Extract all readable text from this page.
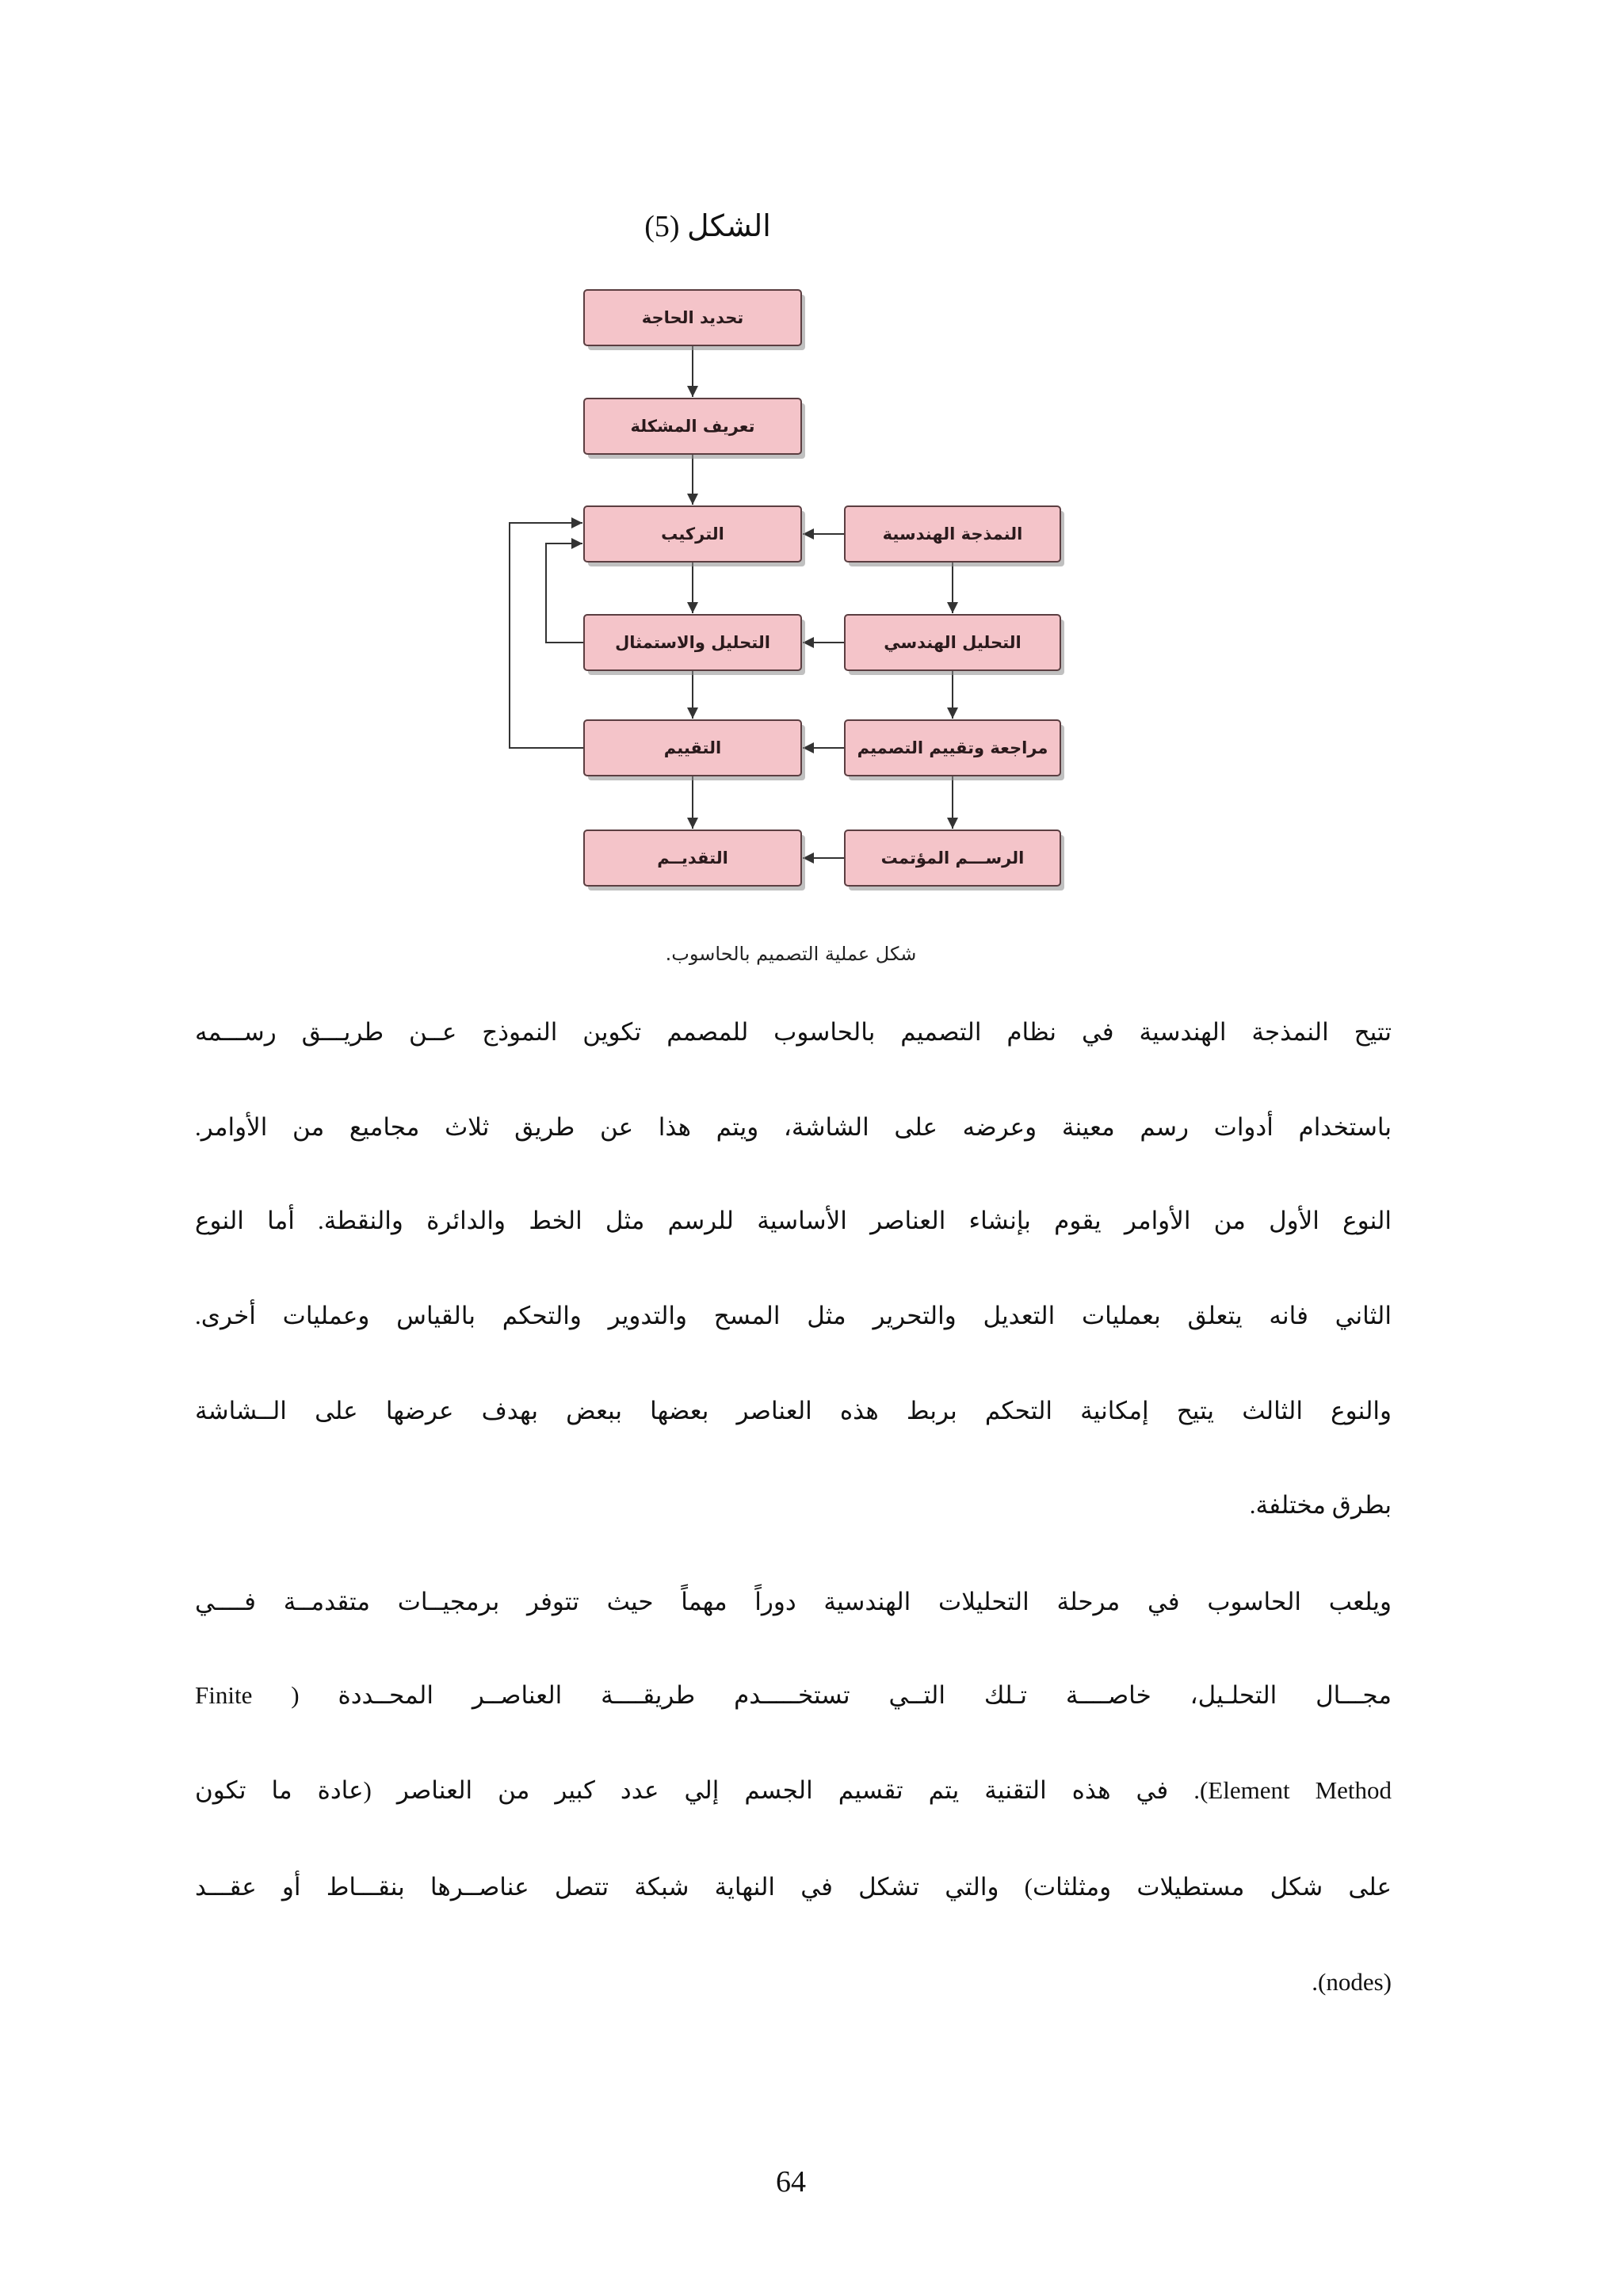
الشكل (5)
تحديد الحاجة
تعريف المشكلة
التركيب
التحليل والاستمثال
التقييم
التقديــم
النمذجة الهندسية
التحليل الهندسي
مراجعة وتقييم التصميم
الرســـم المؤتمت
شكل عملية التصميم بالحاسوب.
تتيح النمذجة الهندسية في نظام التصميم بالحاسوب للمصمم تكوين النموذج عــن طريـــق رســـمه
باستخدام أدوات رسم معينة وعرضه على الشاشة، ويتم هذا عن طريق ثلاث مجاميع من الأوامر.
النوع الأول من الأوامر يقوم بإنشاء العناصر الأساسية للرسم مثل الخط والدائرة والنقطة. أما النوع
الثاني فانه يتعلق بعمليات التعديل والتحرير مثل المسح والتدوير والتحكم بالقياس وعمليات أخرى.
والنوع الثالث يتيح إمكانية التحكم بربط هذه العناصر بعضها ببعض بهدف عرضها على الــشاشة
بطرق مختلفة.
ويلعب الحاسوب في مرحلة التحليلات الهندسية دوراً مهماً حيث تتوفر برمجيــات متقدمــة فــــي
مجـــال التحلـيل، خاصــــة تـلك التــي تستخـــــدم طريقــــة العناصــر المحــددة ( Finite
Element Method). في هذه التقنية يتم تقسيم الجسم إلي عدد كبير من العناصر (عادة ما تكون
على شكل مستطيلات ومثلثات) والتي تشكل في النهاية شبكة تتصل عناصــرها بنقـــاط أو عقـــد
(nodes).
64
